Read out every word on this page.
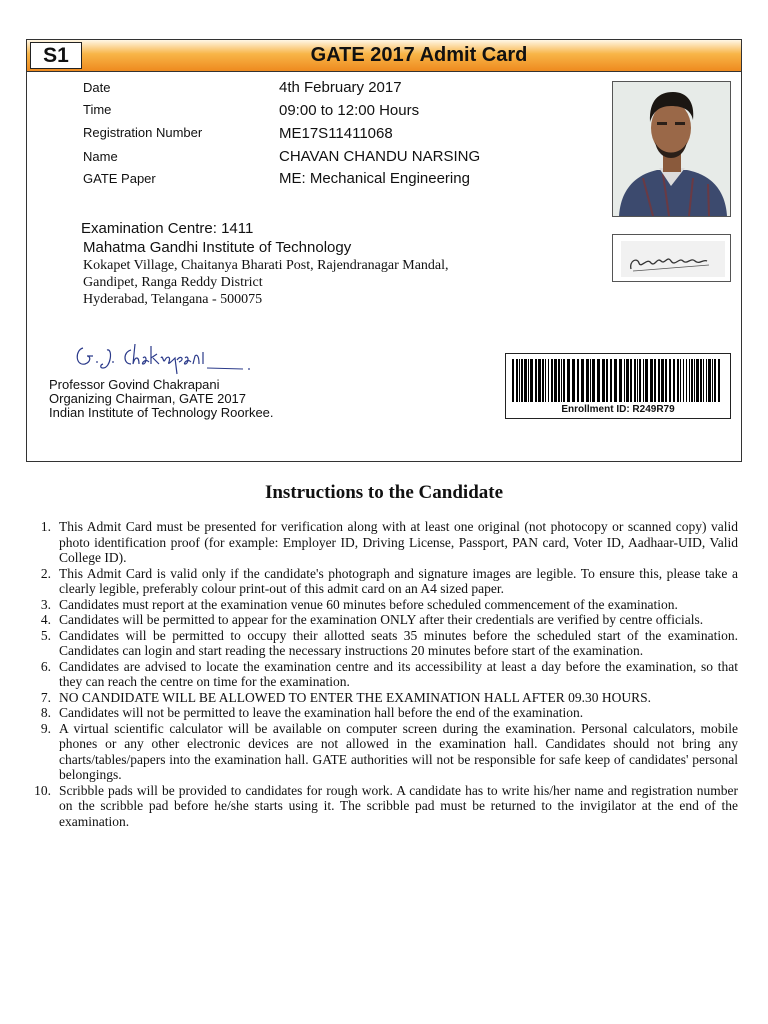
S1	GATE 2017 Admit Card
Date	4th February 2017
Time	09:00 to 12:00 Hours
Registration Number	ME17S11411068
Name	CHAVAN CHANDU NARSING
GATE Paper	ME: Mechanical Engineering
Examination Centre: 1411
Mahatma Gandhi Institute of Technology
Kokapet Village, Chaitanya Bharati Post, Rajendranagar Mandal,
Gandipet, Ranga Reddy District
Hyderabad, Telangana - 500075
Professor Govind Chakrapani
Organizing Chairman, GATE 2017
Indian Institute of Technology Roorkee.	Enrollment ID: R249R79
Instructions to the Candidate
1. This Admit Card must be presented for verification along with at least one original (not photocopy or scanned copy) valid photo identification proof (for example: Employer ID, Driving License, Passport, PAN card, Voter ID, Aadhaar-UID, Valid College ID).
2. This Admit Card is valid only if the candidate's photograph and signature images are legible. To ensure this, please take a clearly legible, preferably colour print-out of this admit card on an A4 sized paper.
3. Candidates must report at the examination venue 60 minutes before scheduled commencement of the examination.
4. Candidates will be permitted to appear for the examination ONLY after their credentials are verified by centre officials.
5. Candidates will be permitted to occupy their allotted seats 35 minutes before the scheduled start of the examination. Candidates can login and start reading the necessary instructions 20 minutes before start of the examination.
6. Candidates are advised to locate the examination centre and its accessibility at least a day before the examination, so that they can reach the centre on time for the examination.
7. NO CANDIDATE WILL BE ALLOWED TO ENTER THE EXAMINATION HALL AFTER 09.30 HOURS.
8. Candidates will not be permitted to leave the examination hall before the end of the examination.
9. A virtual scientific calculator will be available on computer screen during the examination. Personal calculators, mobile phones or any other electronic devices are not allowed in the examination hall. Candidates should not bring any charts/tables/papers into the examination hall. GATE authorities will not be responsible for safe keep of candidates' personal belongings.
10. Scribble pads will be provided to candidates for rough work. A candidate has to write his/her name and registration number on the scribble pad before he/she starts using it. The scribble pad must be returned to the invigilator at the end of the examination.
